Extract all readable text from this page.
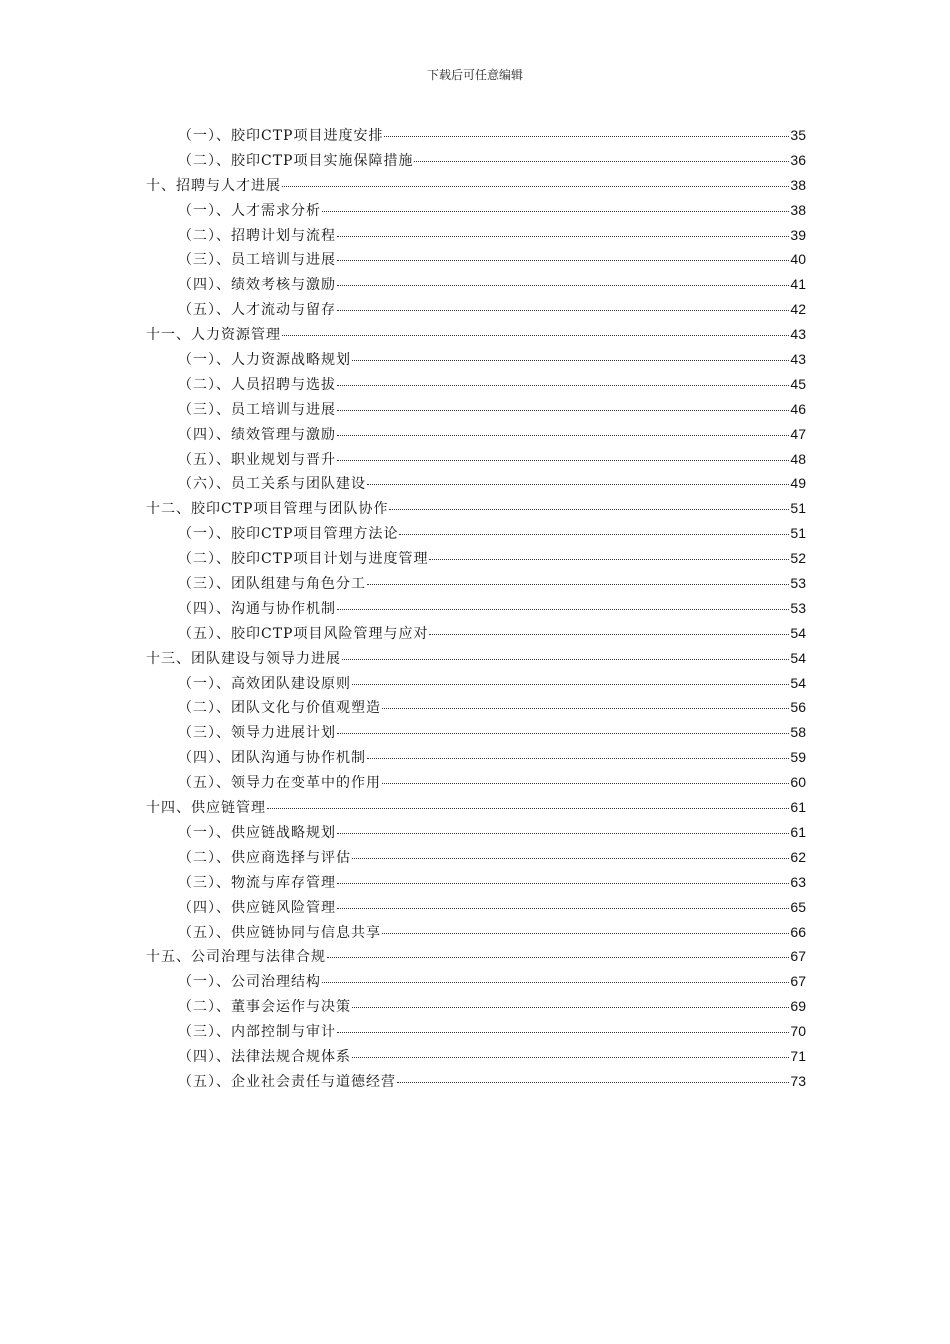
下载后可任意编辑
（一）、胶印CTP项目进度安排	35
（二）、胶印CTP项目实施保障措施	36
十、招聘与人才进展	38
（一）、人才需求分析	38
（二）、招聘计划与流程	39
（三）、员工培训与进展	40
（四）、绩效考核与激励	41
（五）、人才流动与留存	42
十一、人力资源管理	43
（一）、人力资源战略规划	43
（二）、人员招聘与选拔	45
（三）、员工培训与进展	46
（四）、绩效管理与激励	47
（五）、职业规划与晋升	48
（六）、员工关系与团队建设	49
十二、胶印CTP项目管理与团队协作	51
（一）、胶印CTP项目管理方法论	51
（二）、胶印CTP项目计划与进度管理	52
（三）、团队组建与角色分工	53
（四）、沟通与协作机制	53
（五）、胶印CTP项目风险管理与应对	54
十三、团队建设与领导力进展	54
（一）、高效团队建设原则	54
（二）、团队文化与价值观塑造	56
（三）、领导力进展计划	58
（四）、团队沟通与协作机制	59
（五）、领导力在变革中的作用	60
十四、供应链管理	61
（一）、供应链战略规划	61
（二）、供应商选择与评估	62
（三）、物流与库存管理	63
（四）、供应链风险管理	65
（五）、供应链协同与信息共享	66
十五、公司治理与法律合规	67
（一）、公司治理结构	67
（二）、董事会运作与决策	69
（三）、内部控制与审计	70
（四）、法律法规合规体系	71
（五）、企业社会责任与道德经营	73
